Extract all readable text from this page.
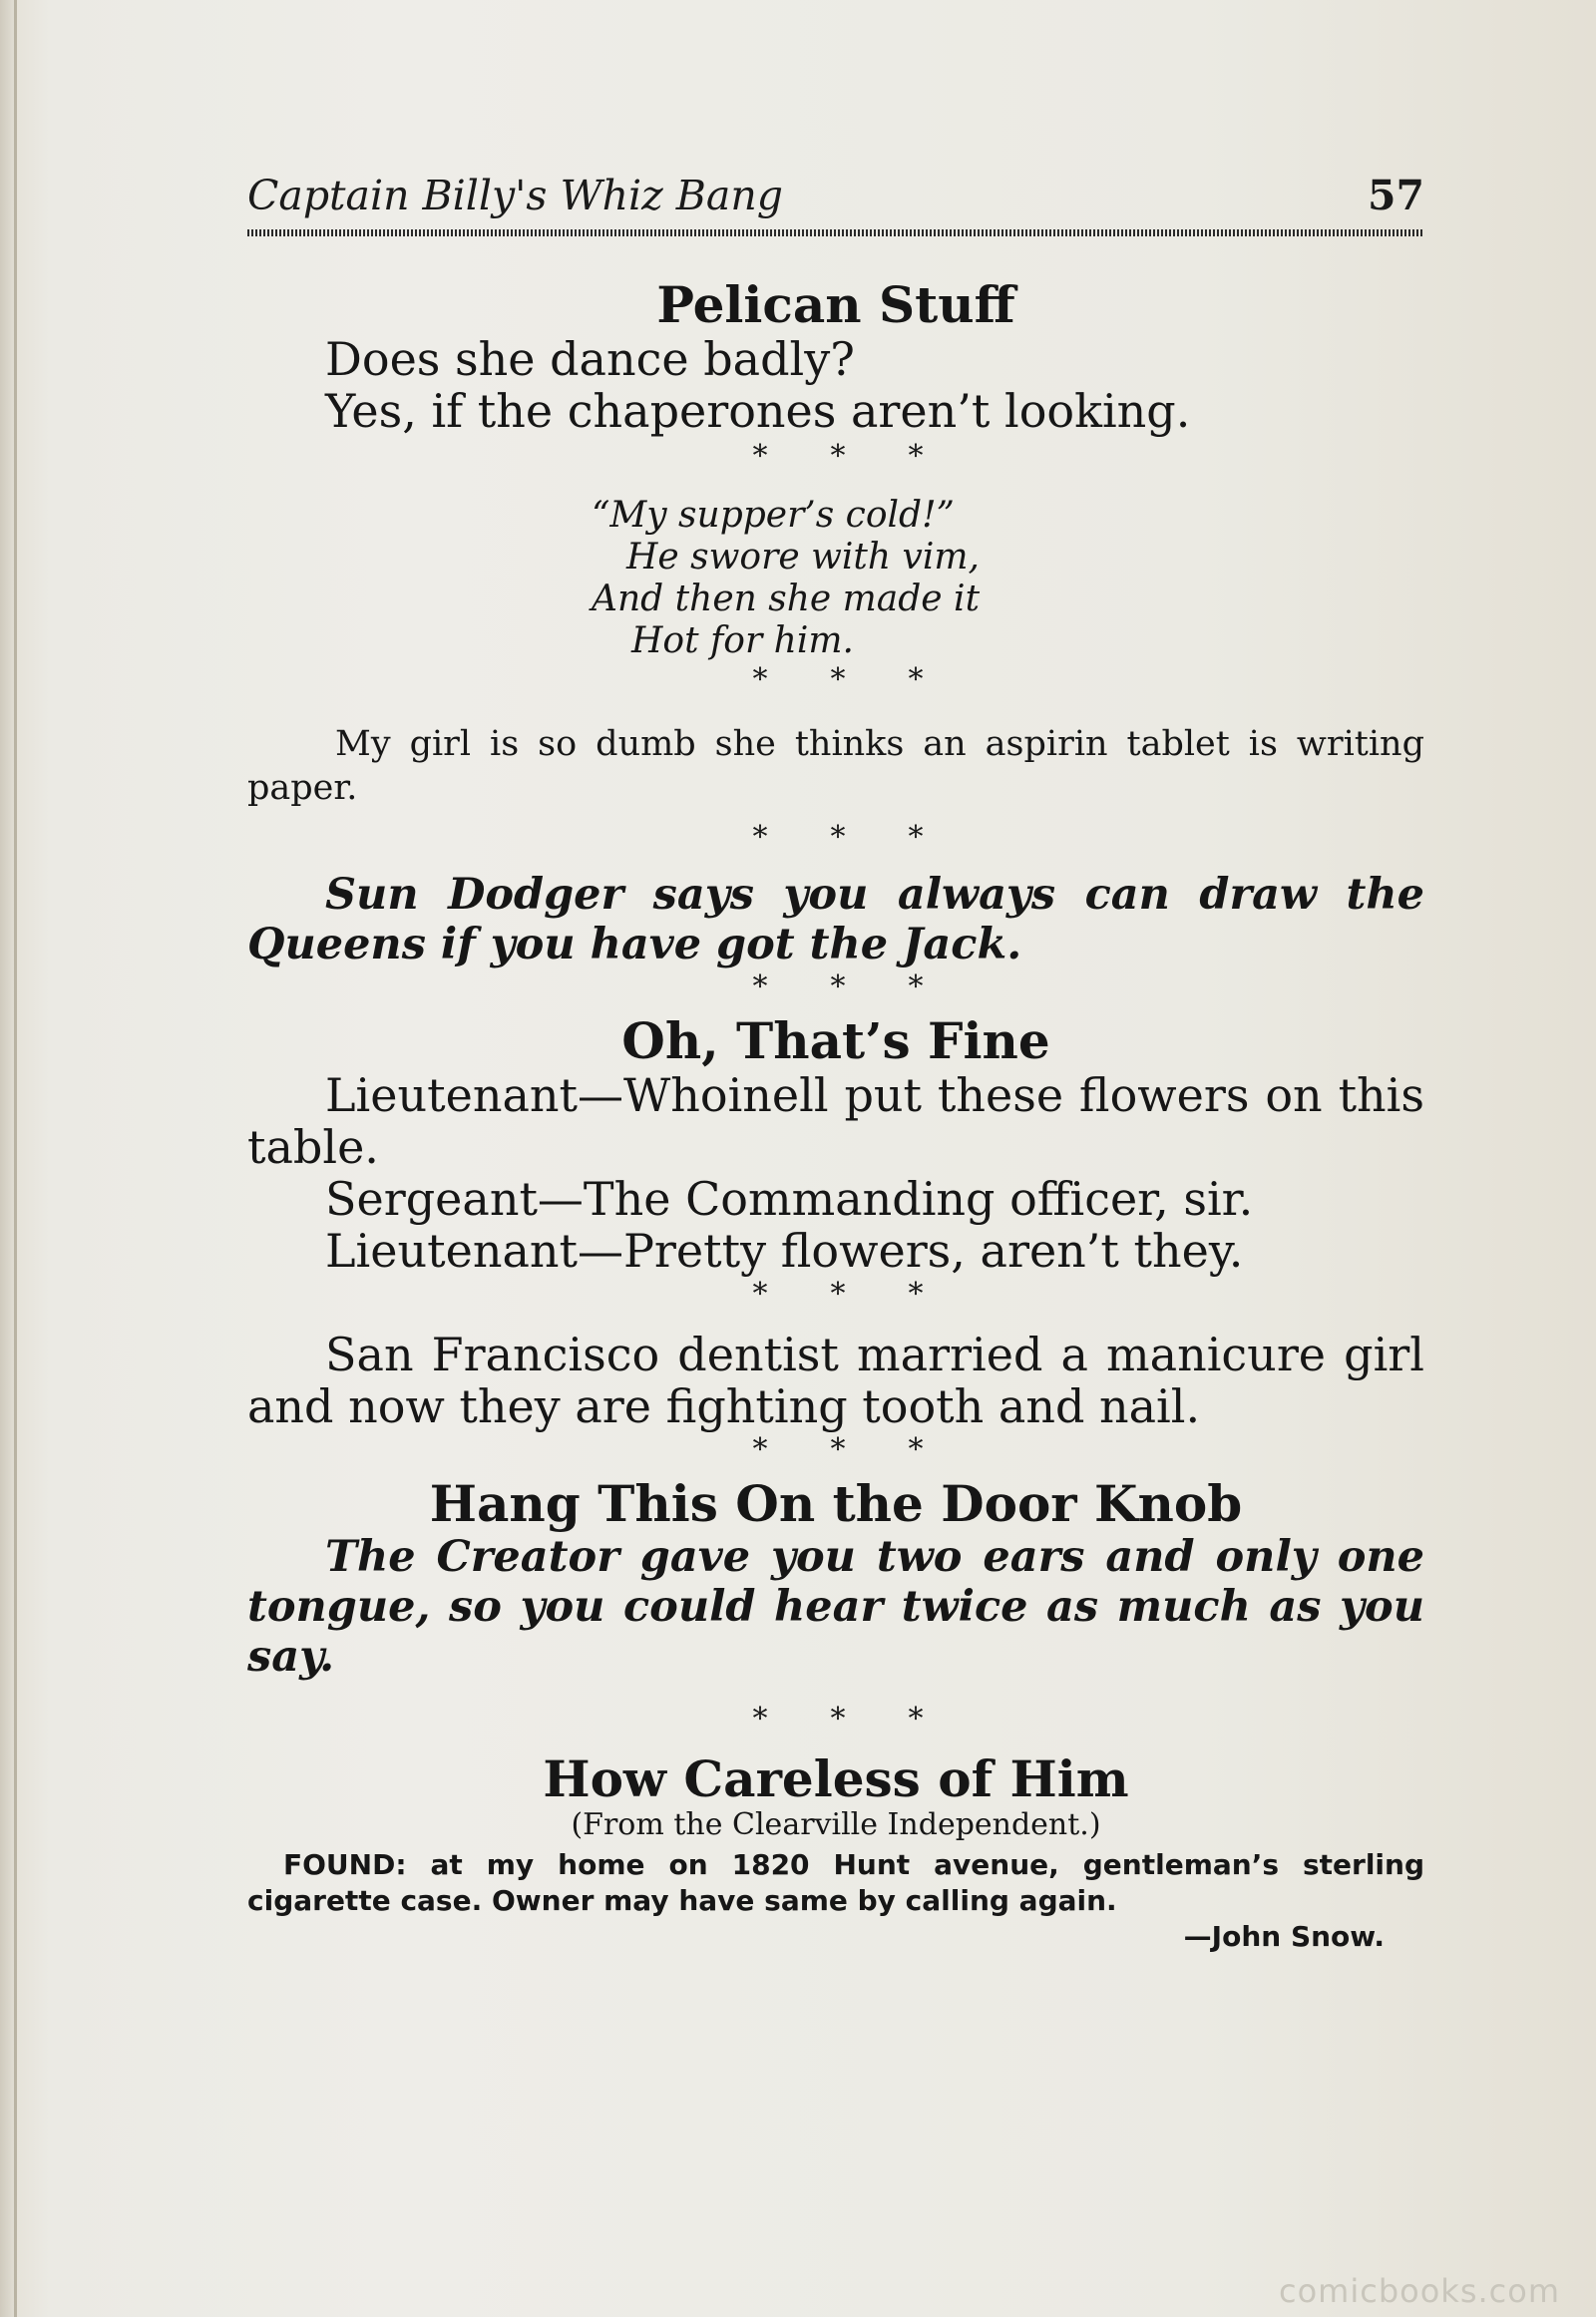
Captain Billy's Whiz Bang	57

Pelican Stuff

Does she dance badly?

Yes, if the chaperones aren’t looking.

* * *

“My supper’s cold!”

He swore with vim,

And then she made it

Hot for him.

* * *

My girl is so dumb she thinks an aspirin tablet is writing paper.

* * *

Sun Dodger says you always can draw the Queens if you have got the Jack.

* * *

Oh, That’s Fine

Lieutenant—Whoinell put these flowers on this table.

Sergeant—The Commanding officer, sir.

Lieutenant—Pretty flowers, aren’t they.

* * *

San Francisco dentist married a manicure girl and now they are fighting tooth and nail.

* * *

Hang This On the Door Knob

The Creator gave you two ears and only one tongue, so you could hear twice as much as you say.

* * *

How Careless of Him

(From the Clearville Independent.)

FOUND: at my home on 1820 Hunt avenue, gentleman’s sterling cigarette case. Owner may have same by calling again.

—John Snow.

comicbooks.com
